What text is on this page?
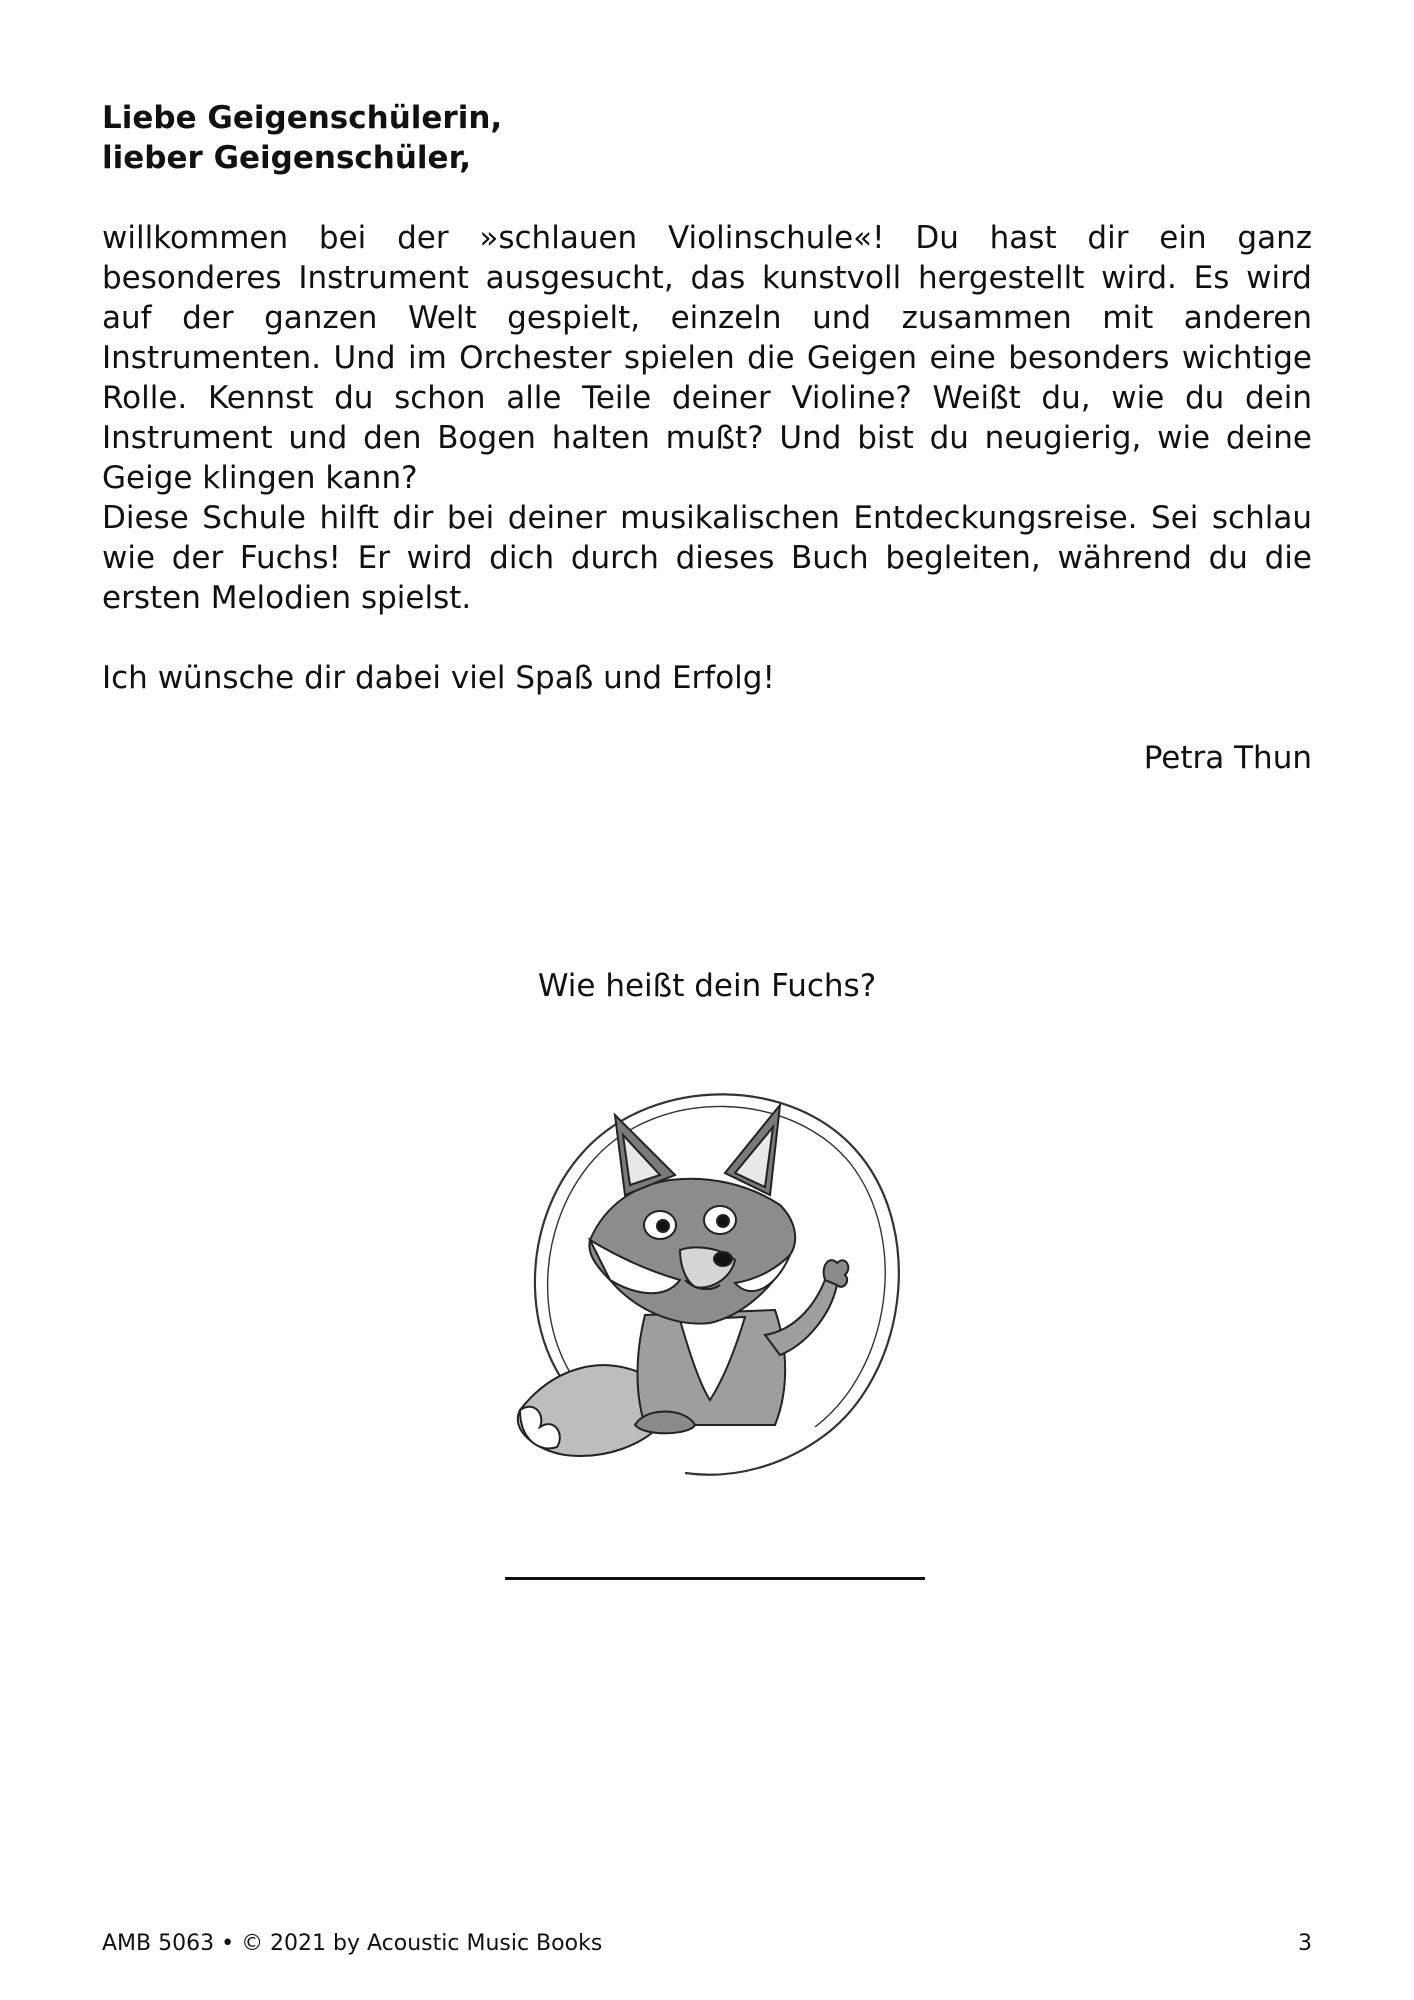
Liebe Geigenschülerin,
lieber Geigenschüler,
willkommen bei der »schlauen Violinschule«! Du hast dir ein ganz besonderes Instrument ausgesucht, das kunstvoll hergestellt wird. Es wird auf der ganzen Welt gespielt, einzeln und zusammen mit anderen Instrumenten. Und im Orchester spielen die Geigen eine besonders wichtige Rolle. Kennst du schon alle Teile deiner Violine? Weißt du, wie du dein Instrument und den Bogen halten mußt? Und bist du neugierig, wie deine Geige klingen kann?
Diese Schule hilft dir bei deiner musikalischen Entdeckungsreise. Sei schlau wie der Fuchs! Er wird dich durch dieses Buch begleiten, während du die ersten Melodien spielst.
Ich wünsche dir dabei viel Spaß und Erfolg!
Petra Thun
Wie heißt dein Fuchs?
AMB 5063 • © 2021 by Acoustic Music Books	3
